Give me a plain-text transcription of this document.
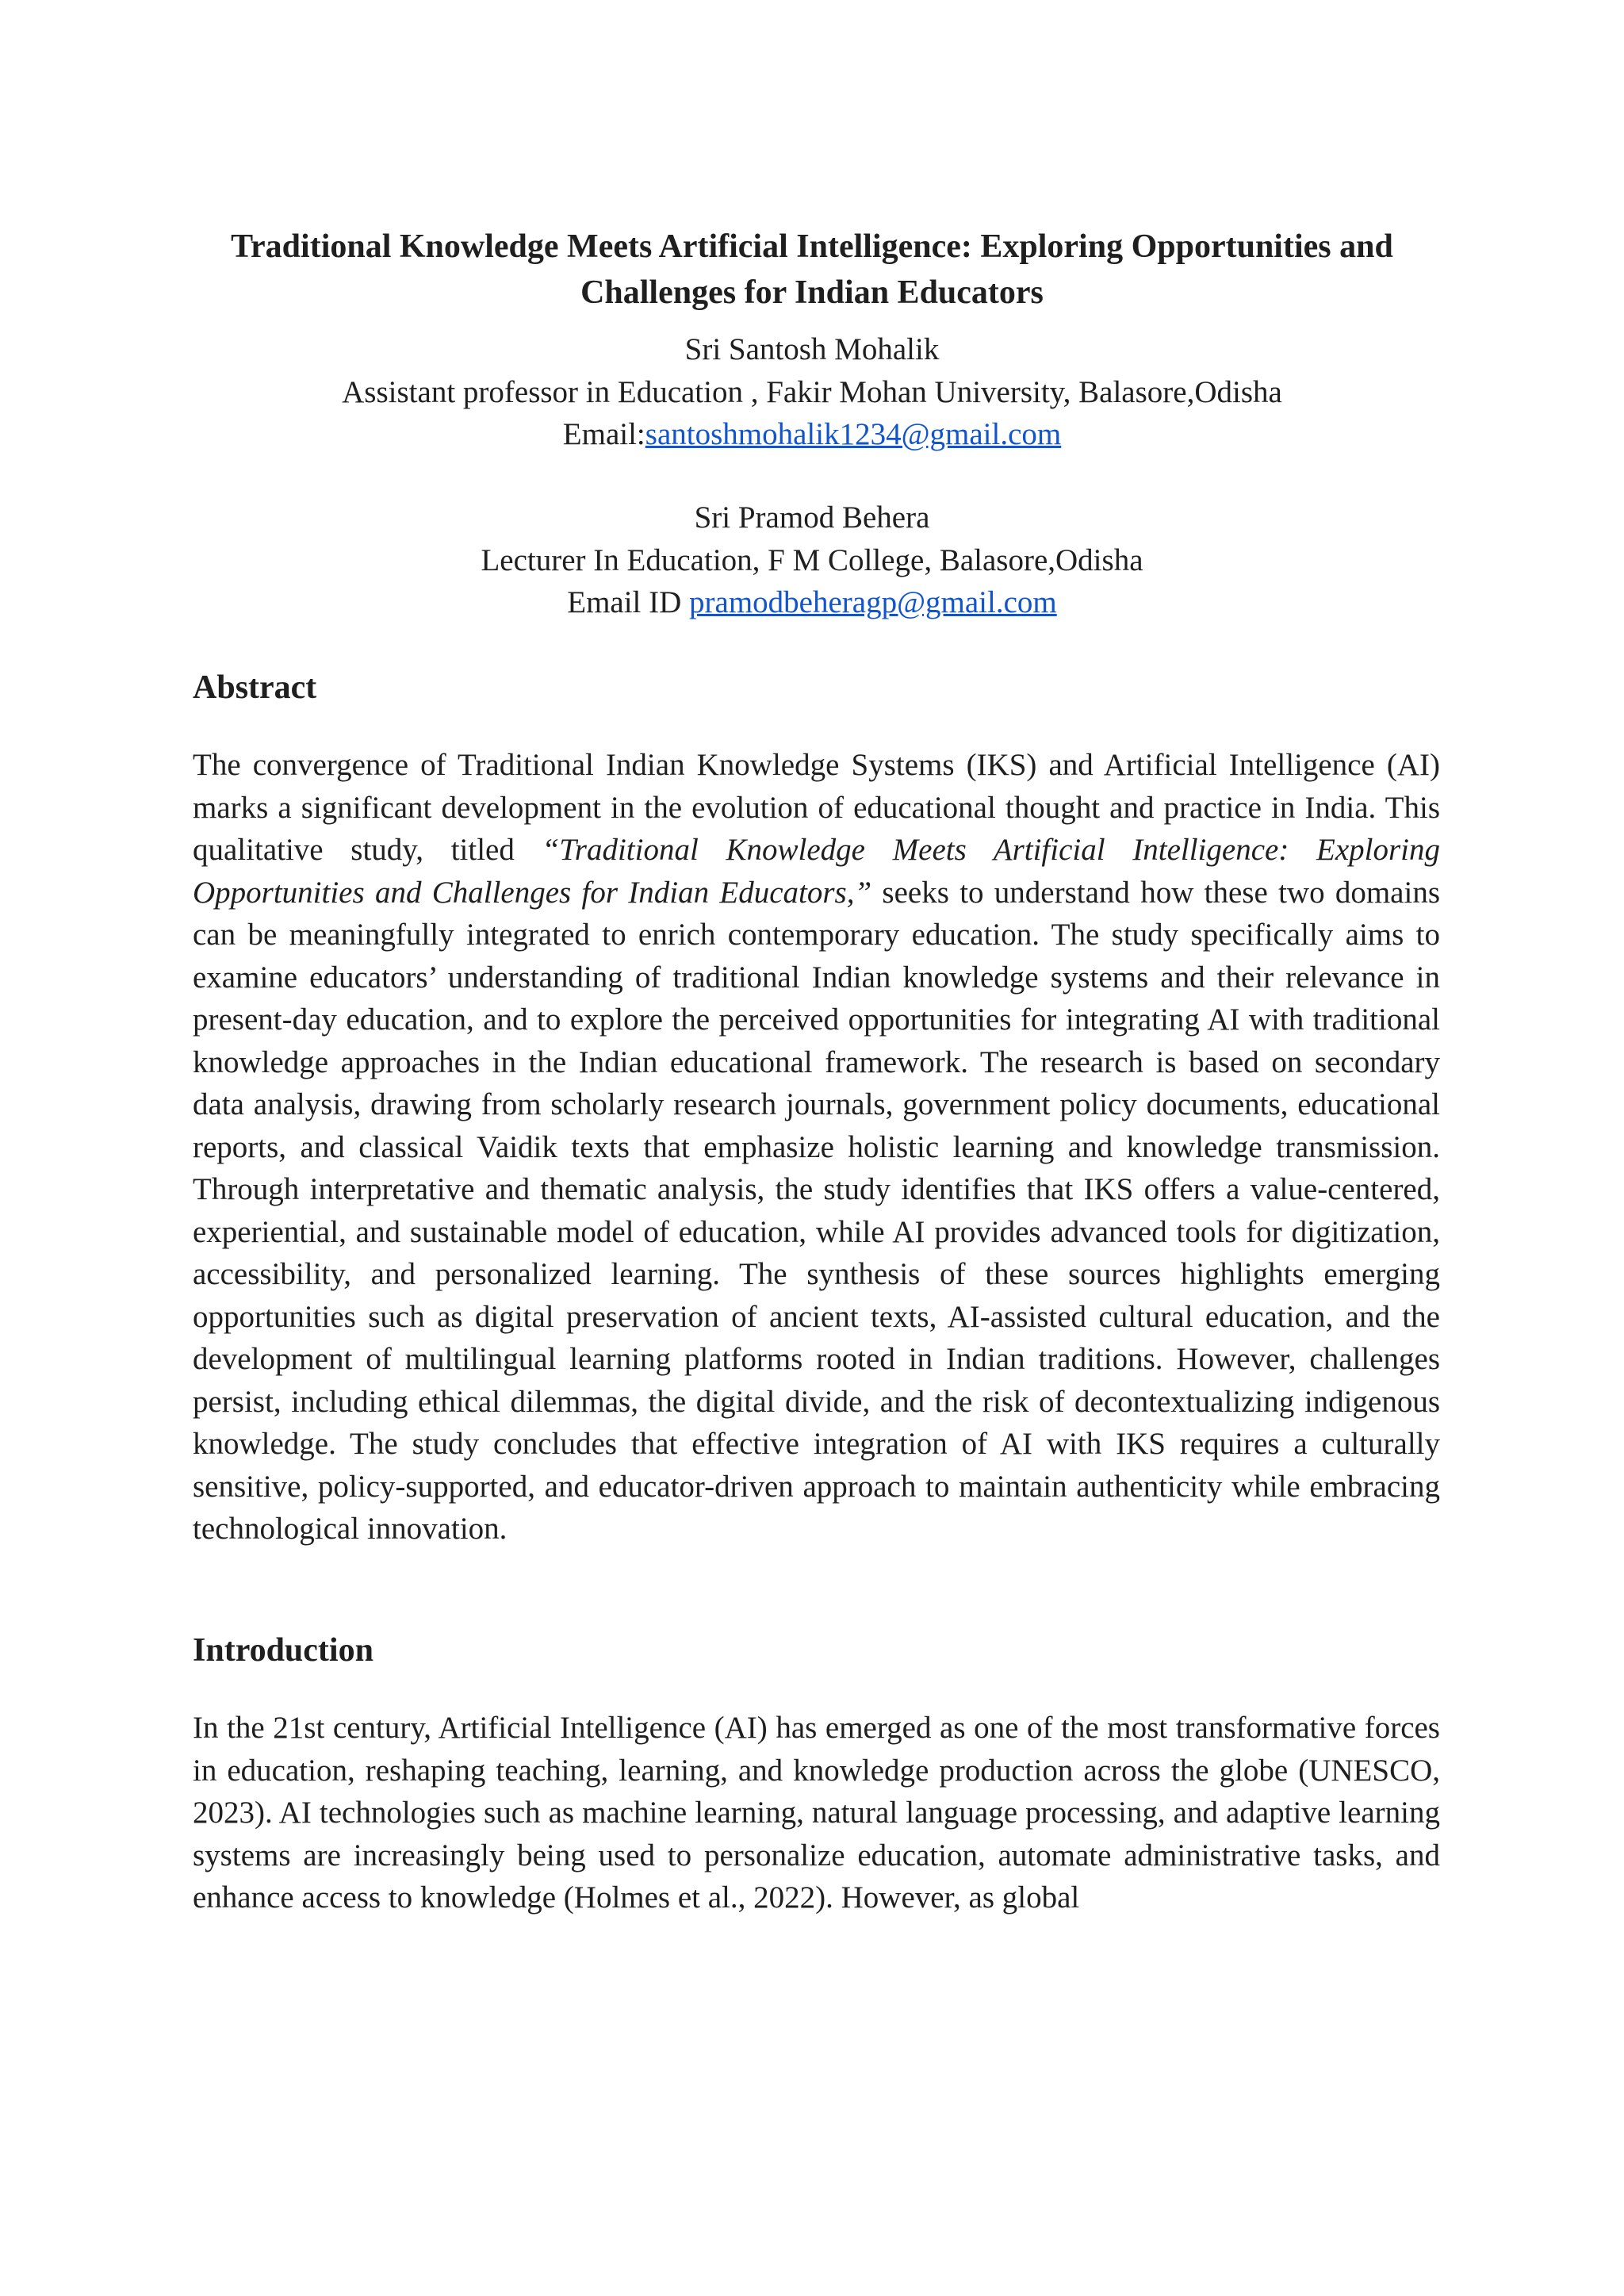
Traditional Knowledge Meets Artificial Intelligence: Exploring Opportunities and Challenges for Indian Educators
Sri Santosh Mohalik
Assistant professor in Education , Fakir Mohan University, Balasore,Odisha
Email:santoshmohalik1234@gmail.com
Sri Pramod Behera
Lecturer In Education, F M College, Balasore,Odisha
Email ID pramodbeheragp@gmail.com
Abstract

The convergence of Traditional Indian Knowledge Systems (IKS) and Artificial Intelligence (AI) marks a significant development in the evolution of educational thought and practice in India. This qualitative study, titled “Traditional Knowledge Meets Artificial Intelligence: Exploring Opportunities and Challenges for Indian Educators,” seeks to understand how these two domains can be meaningfully integrated to enrich contemporary education. The study specifically aims to examine educators’ understanding of traditional Indian knowledge systems and their relevance in present-day education, and to explore the perceived opportunities for integrating AI with traditional knowledge approaches in the Indian educational framework. The research is based on secondary data analysis, drawing from scholarly research journals, government policy documents, educational reports, and classical Vaidik texts that emphasize holistic learning and knowledge transmission. Through interpretative and thematic analysis, the study identifies that IKS offers a value-centered, experiential, and sustainable model of education, while AI provides advanced tools for digitization, accessibility, and personalized learning. The synthesis of these sources highlights emerging opportunities such as digital preservation of ancient texts, AI-assisted cultural education, and the development of multilingual learning platforms rooted in Indian traditions. However, challenges persist, including ethical dilemmas, the digital divide, and the risk of decontextualizing indigenous knowledge. The study concludes that effective integration of AI with IKS requires a culturally sensitive, policy-supported, and educator-driven approach to maintain authenticity while embracing technological innovation.

Introduction

In the 21st century, Artificial Intelligence (AI) has emerged as one of the most transformative forces in education, reshaping teaching, learning, and knowledge production across the globe (UNESCO, 2023). AI technologies such as machine learning, natural language processing, and adaptive learning systems are increasingly being used to personalize education, automate administrative tasks, and enhance access to knowledge (Holmes et al., 2022). However, as global
